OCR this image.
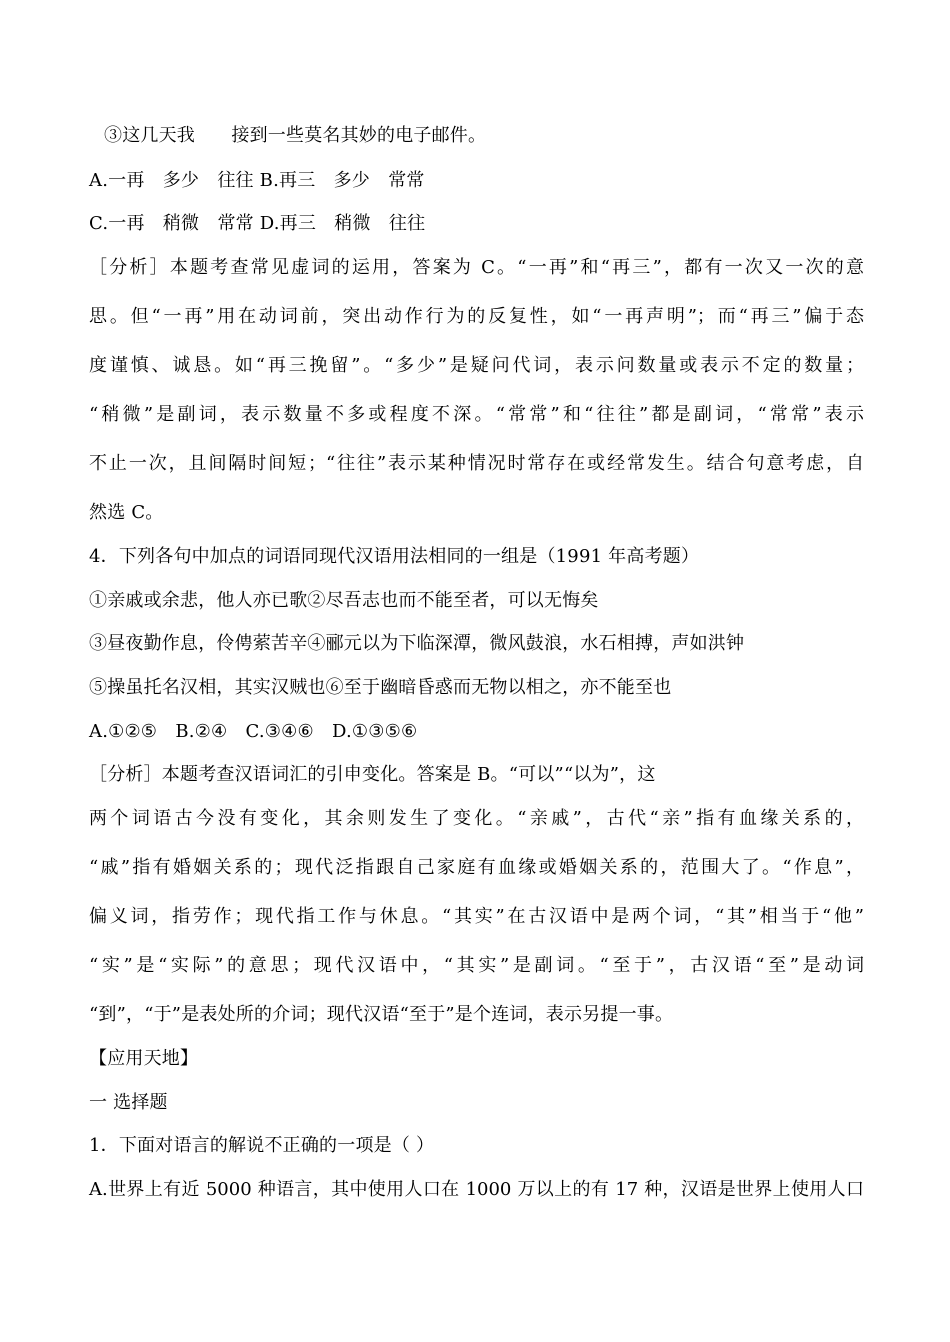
③这几天我　　接到一些莫名其妙的电子邮件。
A.一再　多少　往往 B.再三　多少　常常
C.一再　稍微　常常 D.再三　稍微　往往
［分析］本题考查常见虚词的运用，答案为 C。“一再”和“再三”，都有一次又一次的意
思。但“一再”用在动词前，突出动作行为的反复性，如“一再声明”；而“再三”偏于态
度谨慎、诚恳。如“再三挽留”。“多少”是疑问代词，表示问数量或表示不定的数量；
“稍微”是副词，表示数量不多或程度不深。“常常”和“往往”都是副词，“常常”表示
不止一次，且间隔时间短；“往往”表示某种情况时常存在或经常发生。结合句意考虑，自
然选 C。
4．下列各句中加点的词语同现代汉语用法相同的一组是（1991 年高考题）
①亲戚或余悲，他人亦已歌②尽吾志也而不能至者，可以无悔矣
③昼夜勤作息，伶俜萦苦辛④郦元以为下临深潭，微风鼓浪，水石相搏，声如洪钟
⑤操虽托名汉相，其实汉贼也⑥至于幽暗昏惑而无物以相之，亦不能至也
A.①②⑤　B.②④　C.③④⑥　D.①③⑤⑥
［分析］本题考查汉语词汇的引申变化。答案是 B。“可以”“以为”，这
两个词语古今没有变化，其余则发生了变化。“亲戚”，古代“亲”指有血缘关系的，
“戚”指有婚姻关系的；现代泛指跟自己家庭有血缘或婚姻关系的，范围大了。“作息”，
偏义词，指劳作；现代指工作与休息。“其实”在古汉语中是两个词，“其”相当于“他”
“实”是“实际”的意思；现代汉语中，“其实”是副词。“至于”，古汉语“至”是动词
“到”，“于”是表处所的介词；现代汉语“至于”是个连词，表示另提一事。
【应用天地】
一 选择题
1．下面对语言的解说不正确的一项是（ ）
A.世界上有近 5000 种语言，其中使用人口在 1000 万以上的有 17 种，汉语是世界上使用人口
